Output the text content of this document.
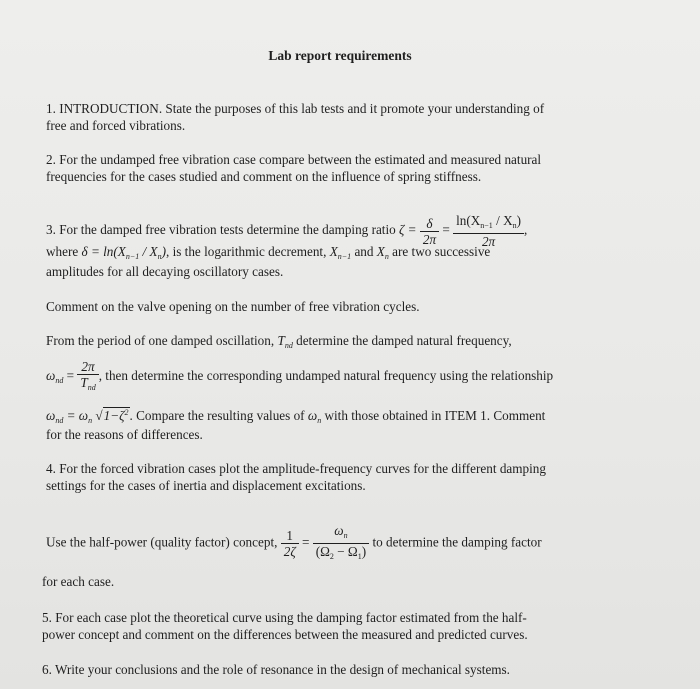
Lab report requirements
1. INTRODUCTION. State the purposes of this lab tests and it promote your understanding of
free and forced vibrations.
2. For the undamped free vibration case compare between the estimated and measured natural
frequencies for the cases studied and comment on the influence of spring stiffness.
3. For the damped free vibration tests determine the damping ratio $\zeta = \frac{\delta}{2\pi} = \frac{\ln(X_{n-1} / X_n)}{2\pi}$ ,
where $\delta = \ln(X_{n-1} / X_n)$, is the logarithmic decrement, $X_{n-1}$ and $X_n$ are two successive
amplitudes for all decaying oscillatory cases.
Comment on the valve opening on the number of free vibration cycles.
From the period of one damped oscillation, $T_{nd}$ determine the damped natural frequency,
$\omega_{nd} = \frac{2\pi}{T_{nd}}$ , then determine the corresponding undamped natural frequency using the relationship
$\omega_{nd} = \omega_n$ $√1-\zeta^2$. Compare the resulting values of $\omega_n$ with those obtained in ITEM 1. Comment
for the reasons of differences.
4. For the forced vibration cases plot the amplitude-frequency curves for the different damping
settings for the cases of inertia and displacement excitations.
Use the half-power (quality factor) concept, $\frac{1}{2\zeta} = \frac{\omega_n}{(\Omega_2 - \Omega_1)}$ to determine the damping factor
for each case.
5. For each case plot the theoretical curve using the damping factor estimated from the half-
power concept and comment on the differences between the measured and predicted curves.
6. Write your conclusions and the role of resonance in the design of mechanical systems.
